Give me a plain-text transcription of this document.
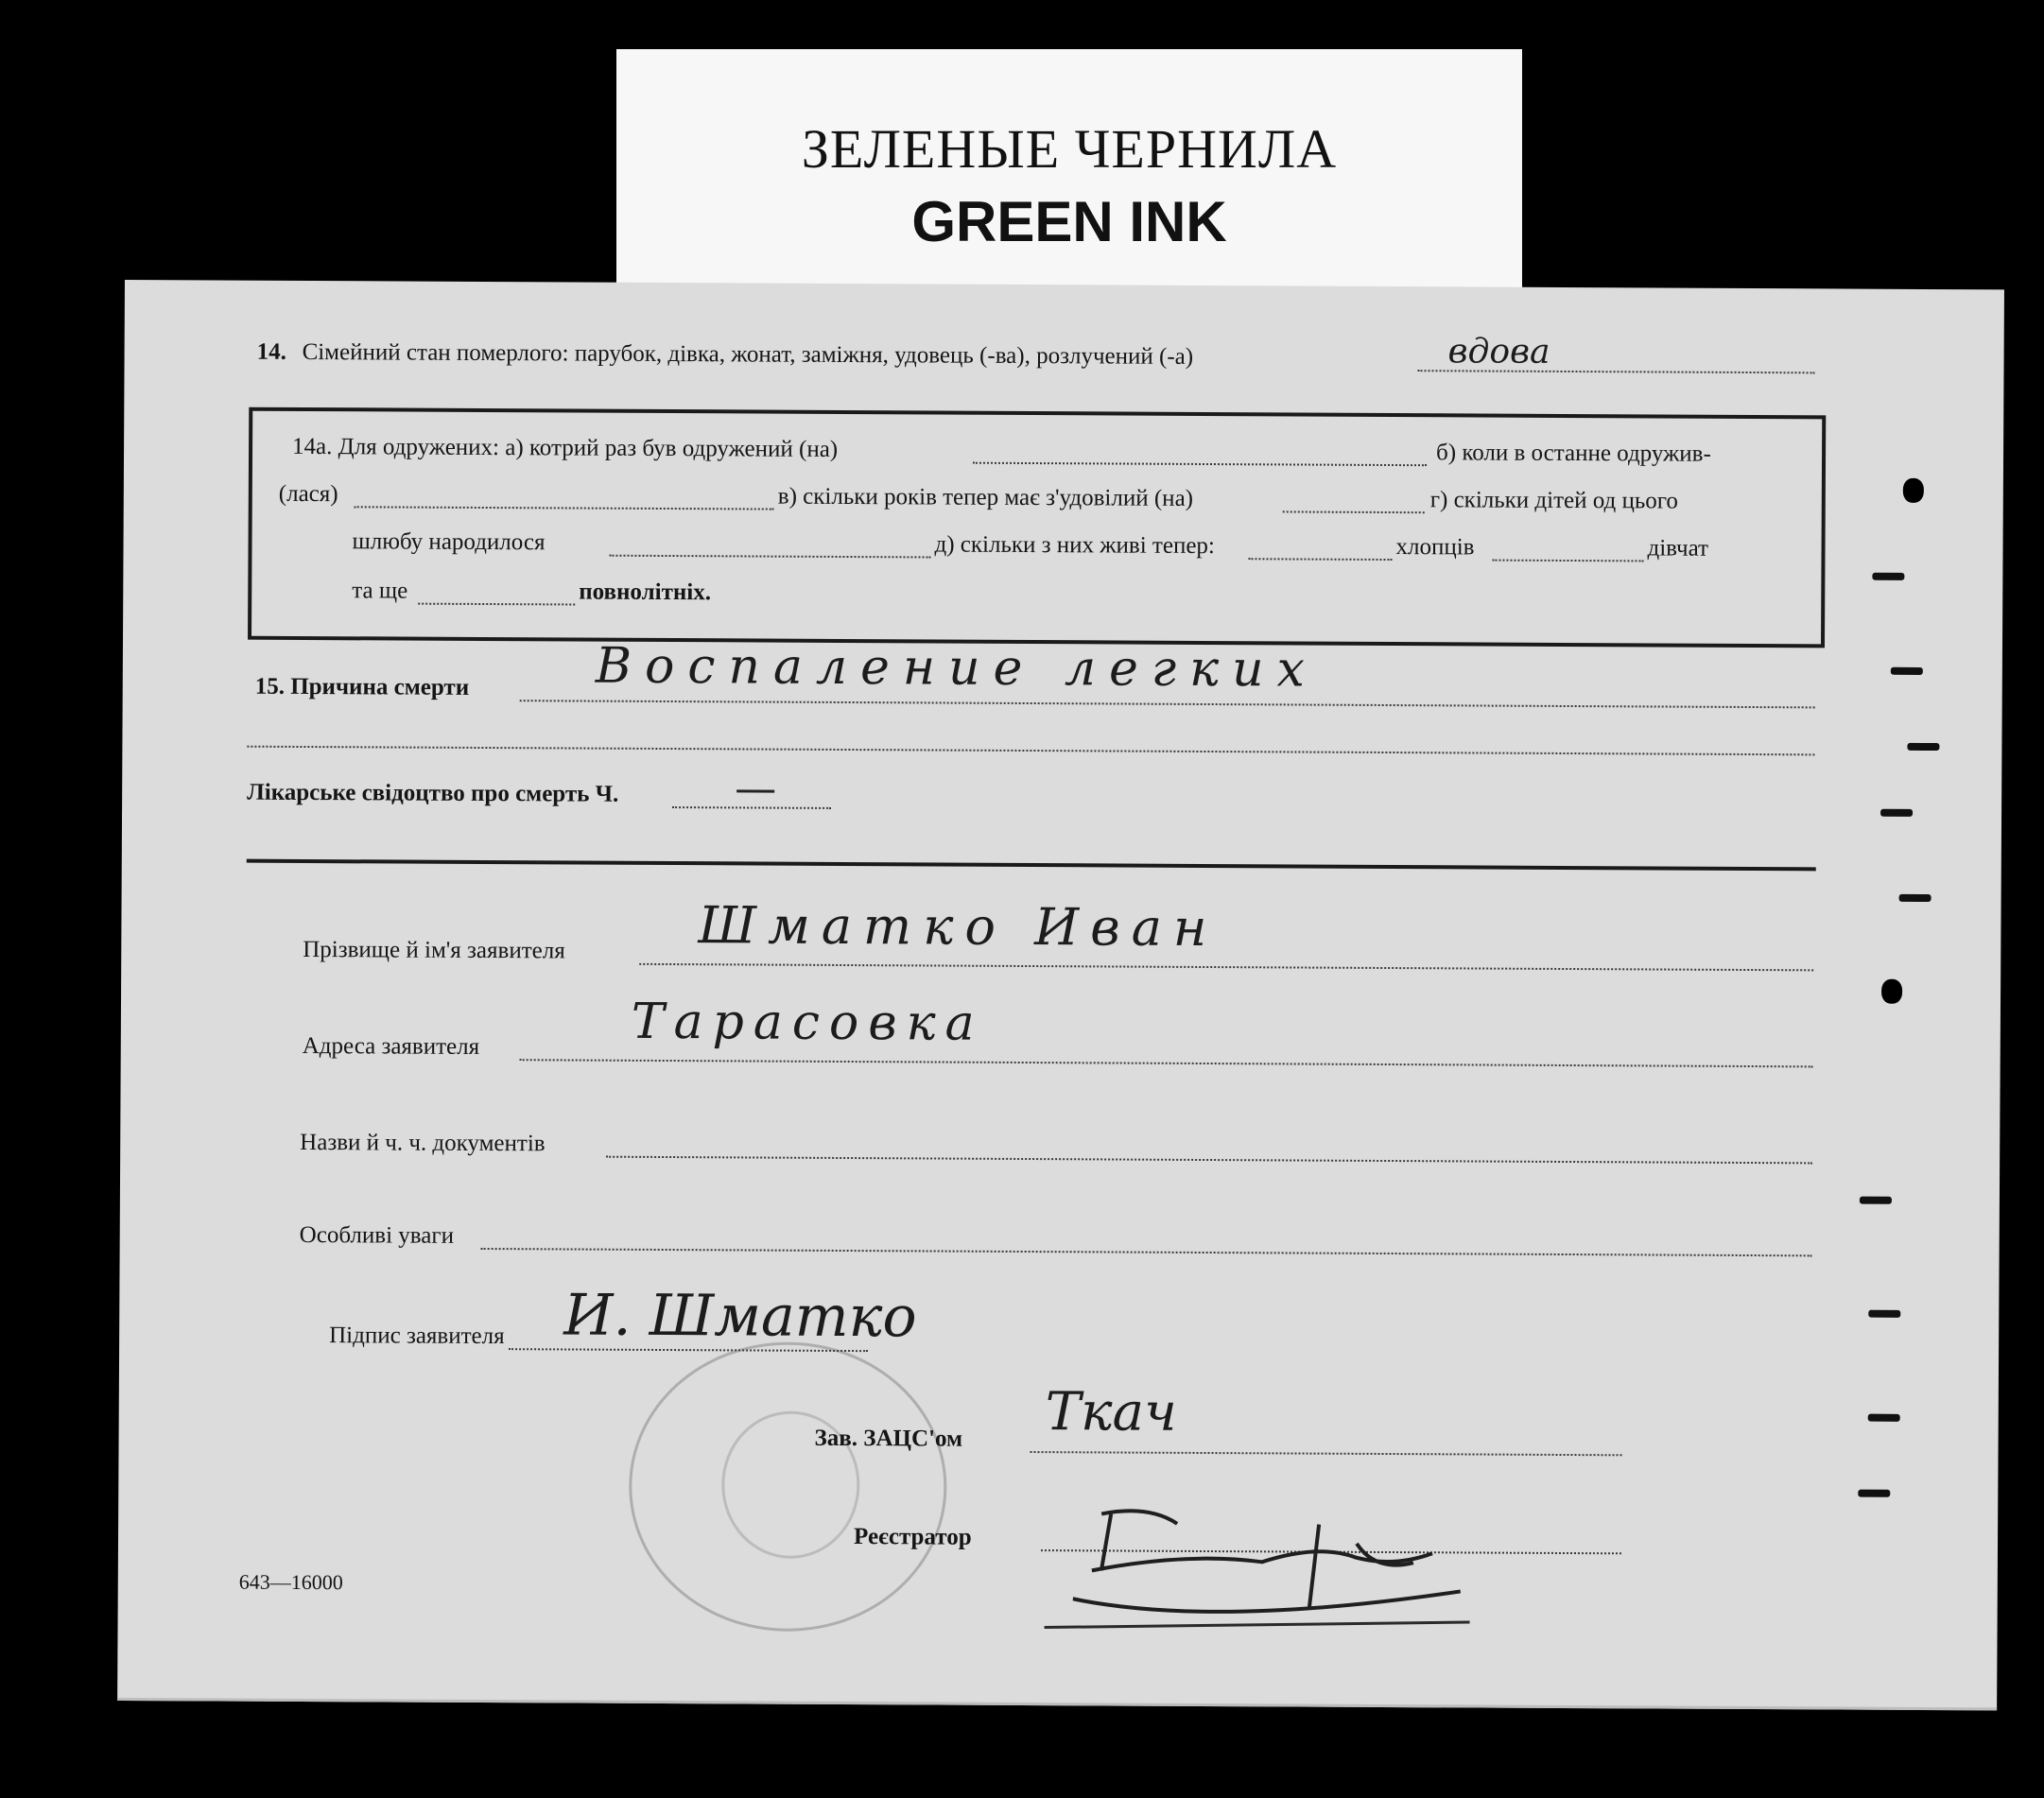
ЗЕЛЕНЫЕ ЧЕРНИЛА
GREEN INK
14. Сімейний стан померлого: парубок, дівка, жонат, заміжня, удовець (-ва), розлучений (-а)	вдова
14а. Для одружених: а) котрий раз був одружений (на)	б) коли в останне одружив-
(лася)	в) скільки років тепер має з'удовілий (на)	г) скільки дітей од цього
шлюбу народилося	д) скільки з них живі тепер:	хлопців	дівчат
та ще	повнолітніх.
15. Причина смерти	Воспаление легких
Лікарське свідоцтво про смерть Ч.
Прізвище й ім'я заявителя	Шматко Иван
Адреса заявителя	Тарасовка
Назви й ч. ч. документів
Особливі уваги
Підпис заявителя И. Шматко
Зав. ЗАЦС'ом Ткач
Реєстратор
643—16000
